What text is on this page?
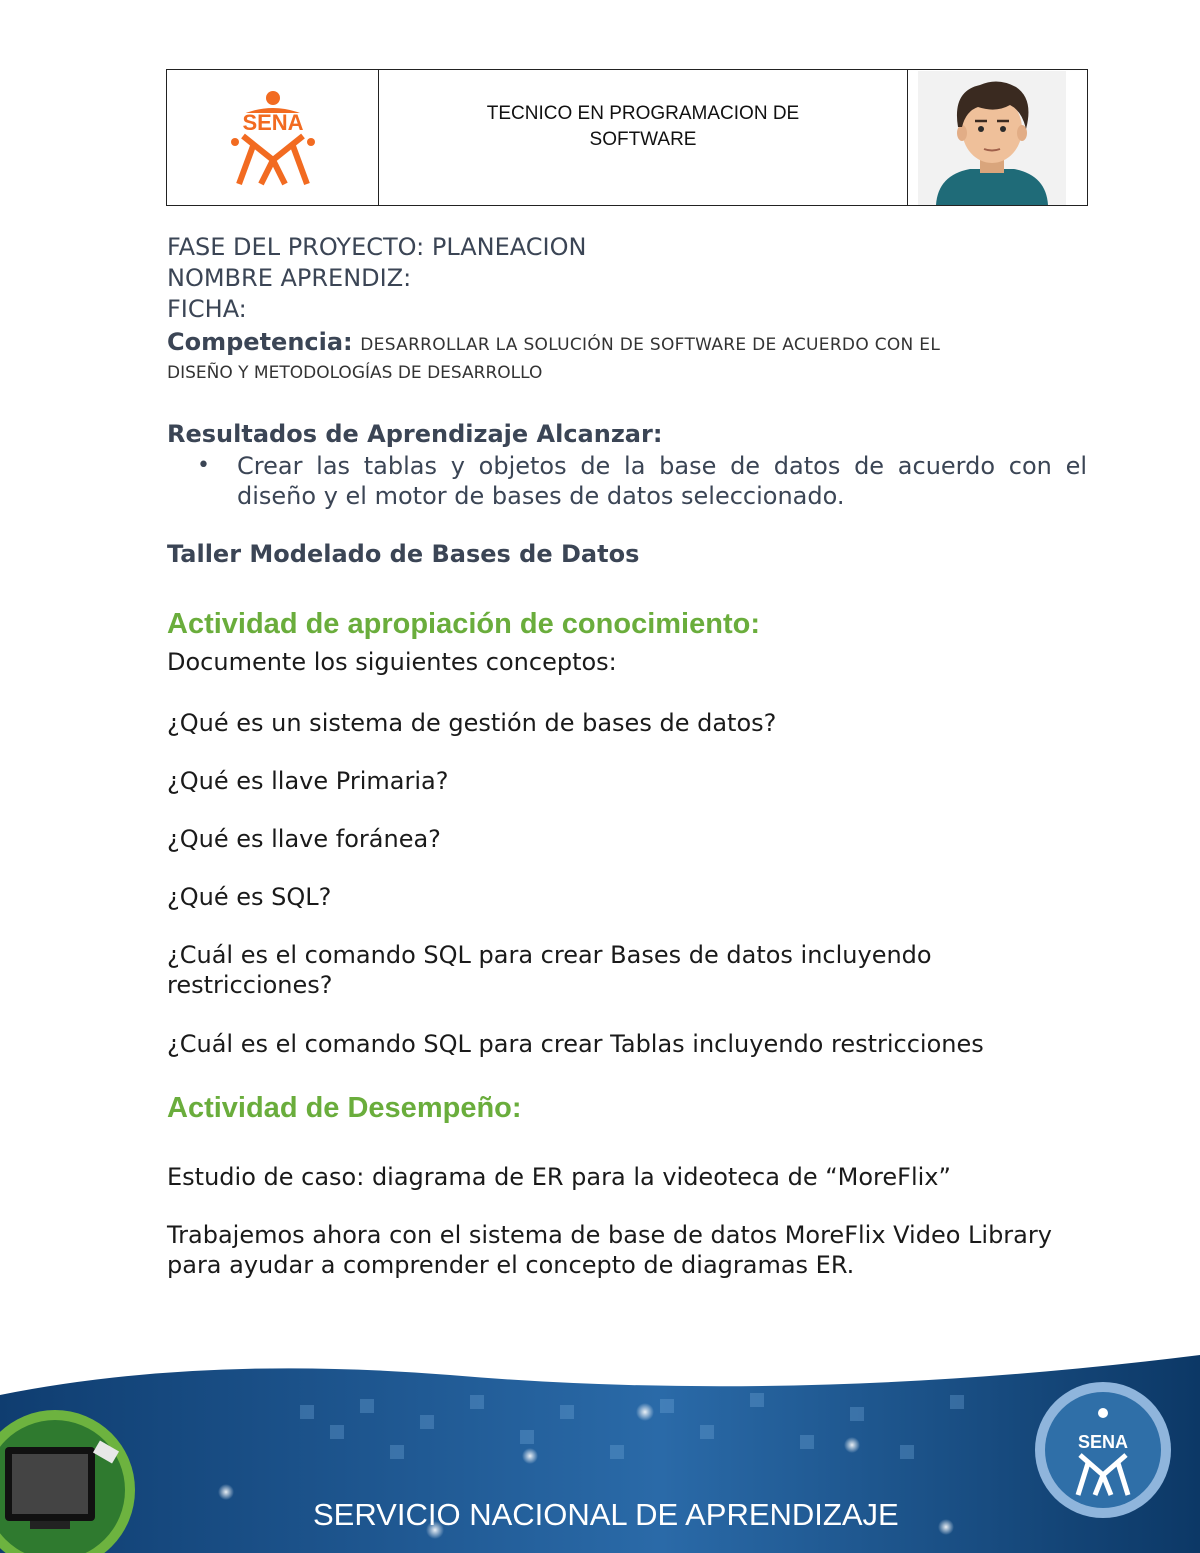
SENA	TECNICO EN PROGRAMACION DE SOFTWARE
FASE DEL PROYECTO: PLANEACION
NOMBRE APRENDIZ:
FICHA:
Competencia: DESARROLLAR LA SOLUCIÓN DE SOFTWARE DE ACUERDO CON EL
DISEÑO Y METODOLOGÍAS DE DESARROLLO
Resultados de Aprendizaje Alcanzar:
•	Crear las tablas y objetos de la base de datos de acuerdo con el diseño y el motor de bases de datos seleccionado.
Taller Modelado de Bases de Datos
Actividad de apropiación de conocimiento:
Documente los siguientes conceptos:
¿Qué es un sistema de gestión de bases de datos?
¿Qué es llave Primaria?
¿Qué es llave foránea?
¿Qué es SQL?
¿Cuál es el comando SQL para crear Bases de datos incluyendo restricciones?
¿Cuál es el comando SQL para crear Tablas incluyendo restricciones
Actividad de Desempeño:
Estudio de caso: diagrama de ER para la videoteca de “MoreFlix”
Trabajemos ahora con el sistema de base de datos MoreFlix Video Library para ayudar a comprender el concepto de diagramas ER.
SERVICIO NACIONAL DE APRENDIZAJE
SENA
